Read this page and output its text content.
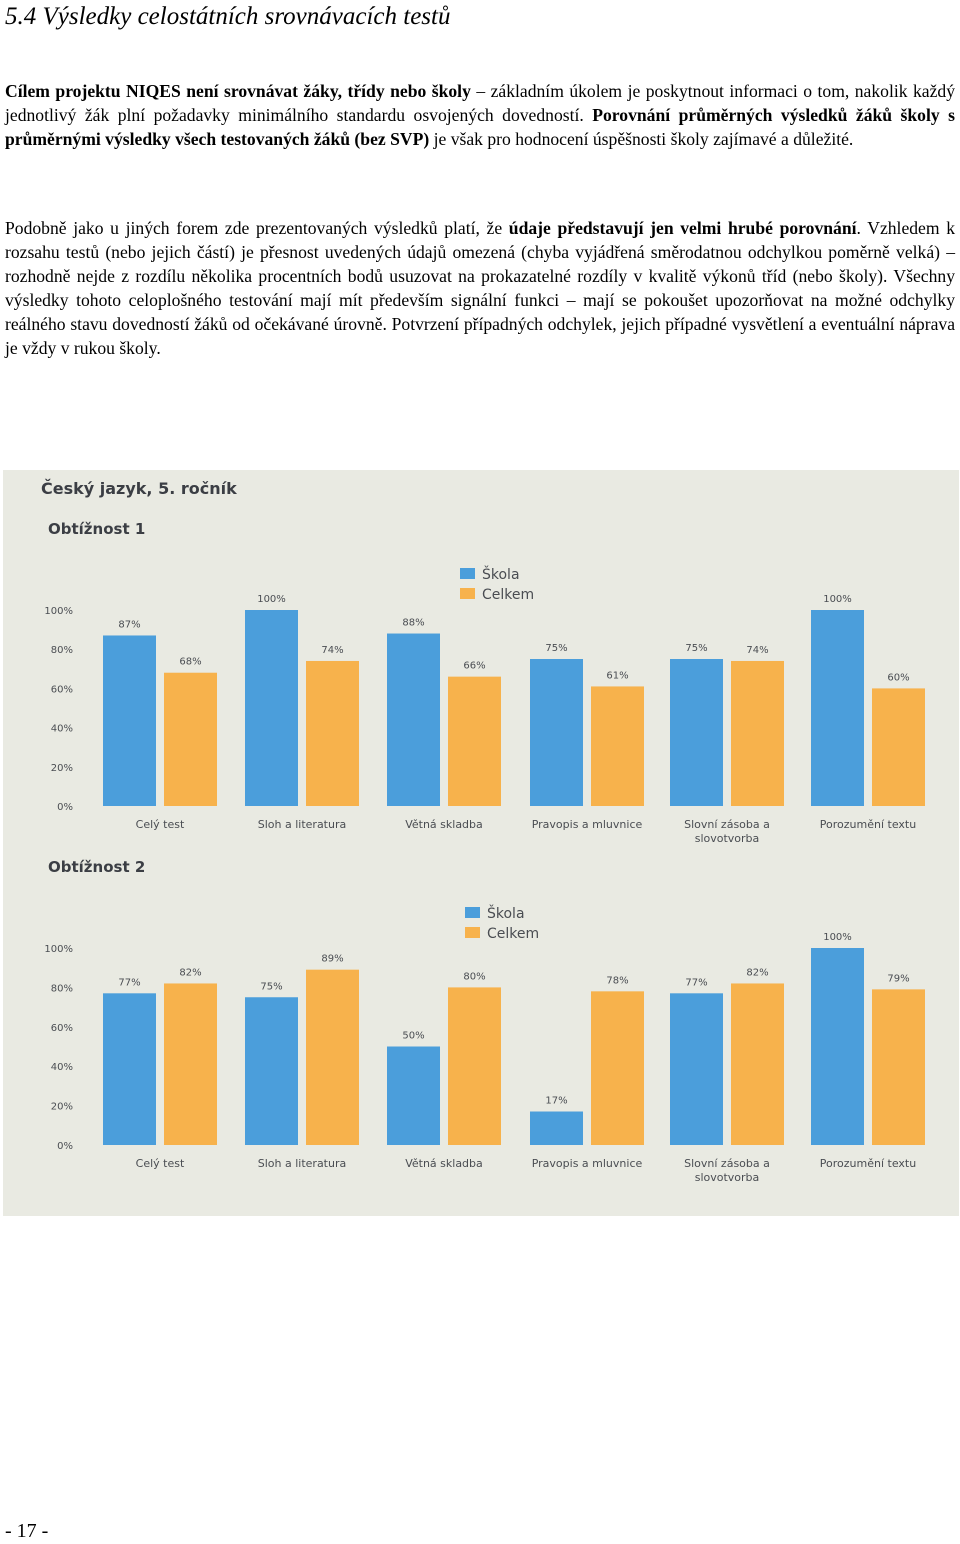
5.4 Výsledky celostátních srovnávacích testů

Cílem projektu NIQES není srovnávat žáky, třídy nebo školy – základním úkolem je poskytnout informaci o tom, nakolik každý jednotlivý žák plní požadavky minimálního standardu osvojených dovedností. Porovnání průměrných výsledků žáků školy s průměrnými výsledky všech testovaných žáků (bez SVP) je však pro hodnocení úspěšnosti školy zajímavé a důležité.

Podobně jako u jiných forem zde prezentovaných výsledků platí, že údaje představují jen velmi hrubé porovnání. Vzhledem k rozsahu testů (nebo jejich částí) je přesnost uvedených údajů omezená (chyba vyjádřená směrodatnou odchylkou poměrně velká) – rozhodně nejde z rozdílu několika procentních bodů usuzovat na prokazatelné rozdíly v kvalitě výkonů tříd (nebo školy). Všechny výsledky tohoto celoplošného testování mají mít především signální funkci – mají se pokoušet upozorňovat na možné odchylky reálného stavu dovedností žáků od očekávané úrovně. Potvrzení případných odchylek, jejich případné vysvětlení a eventuální náprava je vždy v rukou školy.

Český jazyk, 5. ročník
Obtížnost 1
Škola
Celkem
0%
20%
40%
60%
80%
100%
87%
68%
Celý test
100%
74%
Sloh a literatura
88%
66%
Větná skladba
75%
61%
Pravopis a mluvnice
75%	74%
Slovní zásoba a
slovotvorba
100%
60%
Porozumění textu
Obtížnost 2
Škola
Celkem
0%
20%
40%
60%
80%
100%
77%
82%
Celý test
75%
89%
Sloh a literatura
50%
80%
Větná skladba
17%
78%
Pravopis a mluvnice
77%
82%
Slovní zásoba a
slovotvorba
100%
79%
Porozumění textu
- 17 -
